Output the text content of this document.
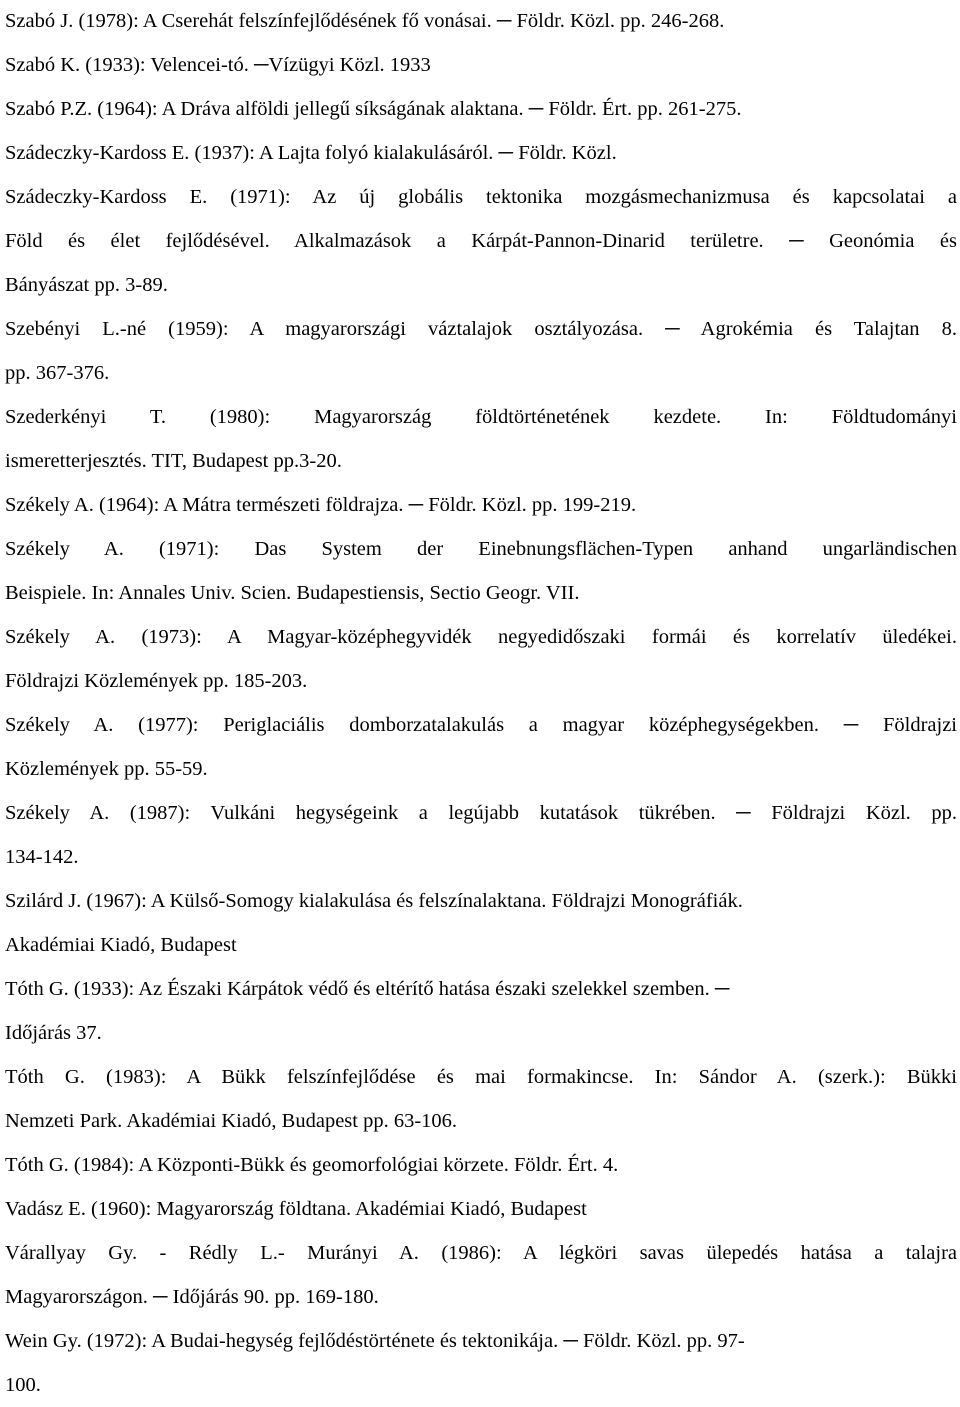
Szabó J. (1978): A Cserehát felszínfejlődésének fő vonásai. ─ Földr. Közl. pp. 246-268.
Szabó K. (1933): Velencei-tó. ─Vízügyi Közl. 1933
Szabó P.Z. (1964): A Dráva alföldi jellegű síkságának alaktana. ─ Földr. Ért. pp. 261-275.
Szádeczky-Kardoss E. (1937): A Lajta folyó kialakulásáról. ─ Földr. Közl.
Szádeczky-Kardoss E. (1971): Az új globális tektonika mozgásmechanizmusa és kapcsolatai a
Föld és élet fejlődésével. Alkalmazások a Kárpát-Pannon-Dinarid területre. ─ Geonómia és
Bányászat pp. 3-89.
Szebényi L.-né (1959): A magyarországi váztalajok osztályozása. ─ Agrokémia és Talajtan 8.
pp. 367-376.
Szederkényi T. (1980): Magyarország földtörténetének kezdete. In: Földtudományi
ismeretterjesztés. TIT, Budapest pp.3-20.
Székely A. (1964): A Mátra természeti földrajza. ─ Földr. Közl. pp. 199-219.
Székely A. (1971): Das System der Einebnungsflächen-Typen anhand ungarländischen
Beispiele. In: Annales Univ. Scien. Budapestiensis, Sectio Geogr. VII.
Székely A. (1973): A Magyar-középhegyvidék negyedidőszaki formái és korrelatív üledékei.
Földrajzi Közlemények pp. 185-203.
Székely A. (1977): Periglaciális domborzatalakulás a magyar középhegységekben. ─ Földrajzi
Közlemények pp. 55-59.
Székely A. (1987): Vulkáni hegységeink a legújabb kutatások tükrében. ─ Földrajzi Közl. pp.
134-142.
Szilárd J. (1967): A Külső-Somogy kialakulása és felszínalaktana. Földrajzi Monográfiák.
Akadémiai Kiadó, Budapest
Tóth G. (1933): Az Északi Kárpátok védő és eltérítő hatása északi szelekkel szemben. ─
Időjárás 37.
Tóth G. (1983): A Bükk felszínfejlődése és mai formakincse. In: Sándor A. (szerk.): Bükki
Nemzeti Park. Akadémiai Kiadó, Budapest pp. 63-106.
Tóth G. (1984): A Központi-Bükk és geomorfológiai körzete. Földr. Ért. 4.
Vadász E. (1960): Magyarország földtana. Akadémiai Kiadó, Budapest
Várallyay Gy. - Rédly L.- Murányi A. (1986): A légköri savas ülepedés hatása a talajra
Magyarországon. ─ Időjárás 90. pp. 169-180.
Wein Gy. (1972): A Budai-hegység fejlődéstörténete és tektonikája. ─ Földr. Közl. pp. 97-
100.
